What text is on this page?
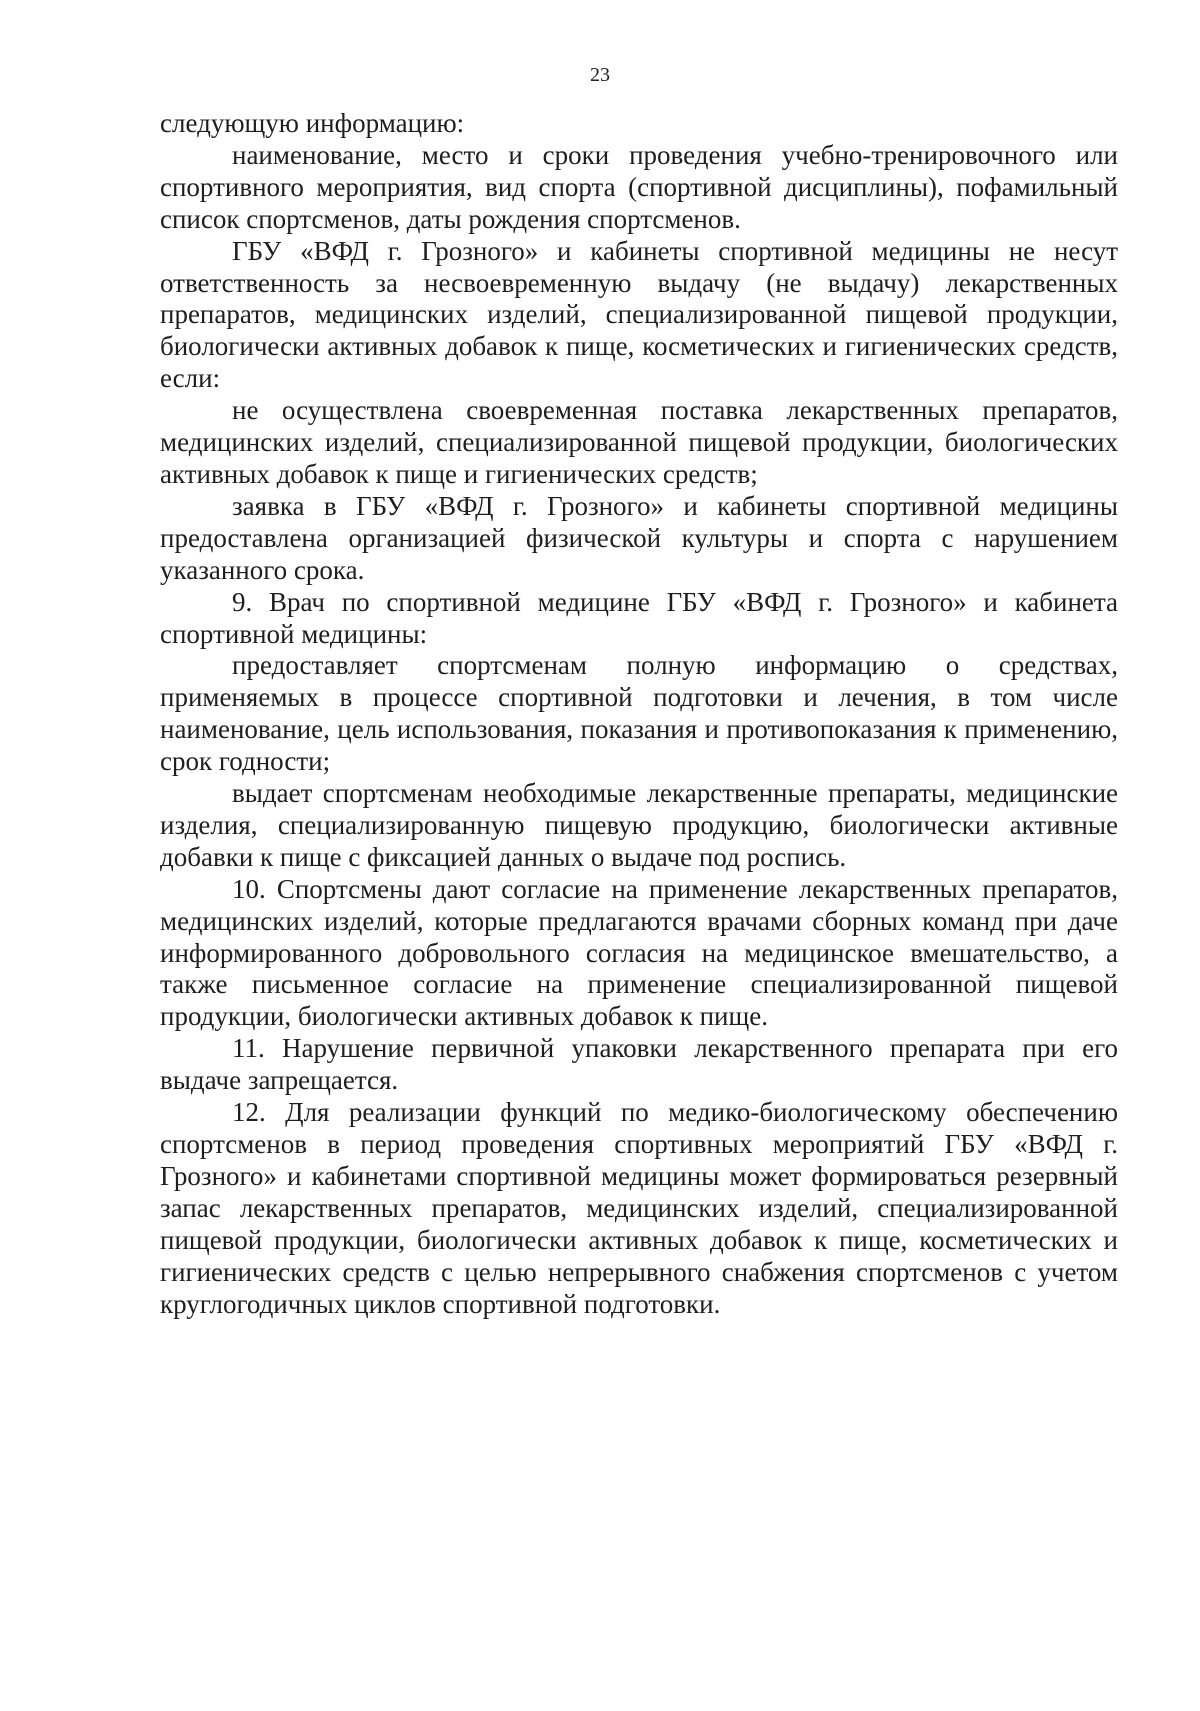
23

следующую информацию:

наименование, место и сроки проведения учебно-тренировочного или спортивного мероприятия, вид спорта (спортивной дисциплины), пофамильный список спортсменов, даты рождения спортсменов.

ГБУ «ВФД г. Грозного» и кабинеты спортивной медицины не несут ответственность за несвоевременную выдачу (не выдачу) лекарственных препаратов, медицинских изделий, специализированной пищевой продукции, биологически активных добавок к пище, косметических и гигиенических средств, если:

не осуществлена своевременная поставка лекарственных препаратов, медицинских изделий, специализированной пищевой продукции, биологических активных добавок к пище и гигиенических средств;

заявка в ГБУ «ВФД г. Грозного» и кабинеты спортивной медицины предоставлена организацией физической культуры и спорта с нарушением указанного срока.

9. Врач по спортивной медицине ГБУ «ВФД г. Грозного» и кабинета спортивной медицины:

предоставляет спортсменам полную информацию о средствах, применяемых в процессе спортивной подготовки и лечения, в том числе наименование, цель использования, показания и противопоказания к применению, срок годности;

выдает спортсменам необходимые лекарственные препараты, медицинские изделия, специализированную пищевую продукцию, биологически активные добавки к пище с фиксацией данных о выдаче под роспись.

10. Спортсмены дают согласие на применение лекарственных препаратов, медицинских изделий, которые предлагаются врачами сборных команд при даче информированного добровольного согласия на медицинское вмешательство, а также письменное согласие на применение специализированной пищевой продукции, биологически активных добавок к пище.

11. Нарушение первичной упаковки лекарственного препарата при его выдаче запрещается.

12. Для реализации функций по медико-биологическому обеспечению спортсменов в период проведения спортивных мероприятий ГБУ «ВФД г. Грозного» и кабинетами спортивной медицины может формироваться резервный запас лекарственных препаратов, медицинских изделий, специализированной пищевой продукции, биологически активных добавок к пище, косметических и гигиенических средств с целью непрерывного снабжения спортсменов с учетом круглогодичных циклов спортивной подготовки.
